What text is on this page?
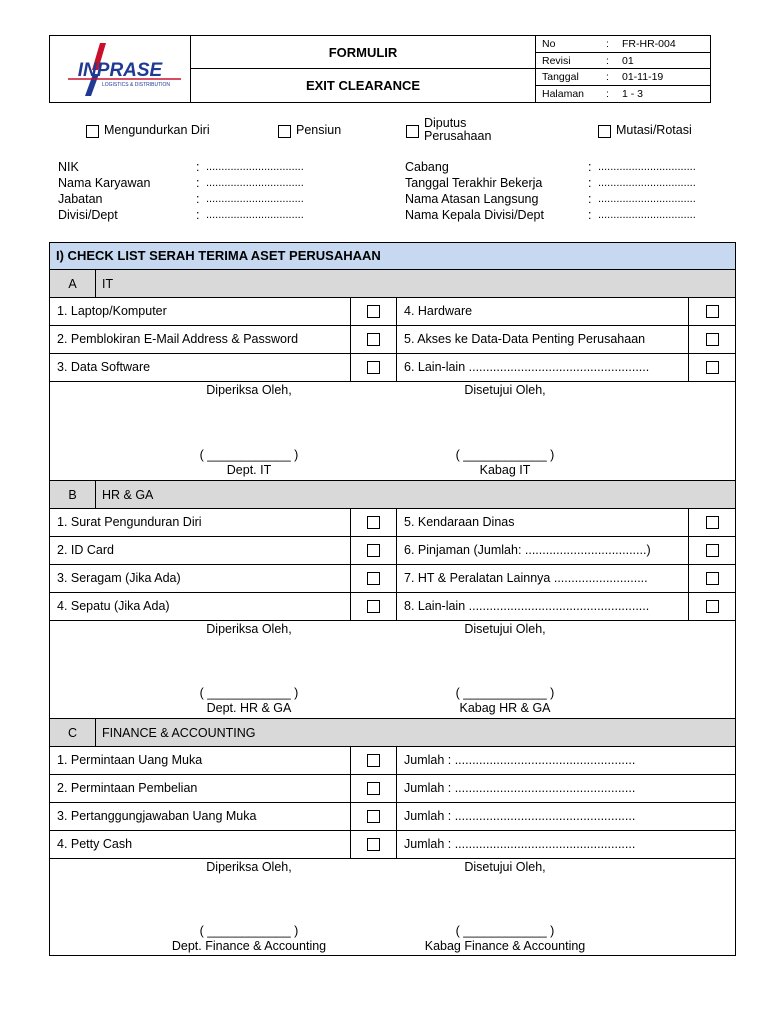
INPRASE
LOGISTICS & DISTRIBUTION
FORMULIR
EXIT CLEARANCE
No	: FR-HR-004
Revisi	: 01
Tanggal	: 01-11-19
Halaman : 1 - 3
Mengundurkan Diri	Pensiun	Diputus
Perusahaan	Mutasi/Rotasi
NIK	: ................................
Nama Karyawan	: ................................
Jabatan	: ................................
Divisi/Dept	: ................................
Cabang	: ................................
Tanggal Terakhir Bekerja	: ................................
Nama Atasan Langsung	: ................................
Nama Kepala Divisi/Dept	: ................................
I) CHECK LIST SERAH TERIMA ASET PERUSAHAAN
A	IT
1. Laptop/Komputer	4. Hardware
2. Pemblokiran E-Mail Address & Password	5. Akses ke Data-Data Penting Perusahaan
3. Data Software	6. Lain-lain ....................................................
Diperiksa Oleh,	Disetujui Oleh,
( ____________ )	( ____________ )
Dept. IT	Kabag IT
B	HR & GA
1. Surat Pengunduran Diri	5. Kendaraan Dinas
2. ID Card	6. Pinjaman (Jumlah: ...................................)
3. Seragam (Jika Ada)	7. HT & Peralatan Lainnya ...........................
4. Sepatu (Jika Ada)	8. Lain-lain ....................................................
Diperiksa Oleh,	Disetujui Oleh,
( ____________ )	( ____________ )
Dept. HR & GA	Kabag HR & GA
C	FINANCE & ACCOUNTING
1. Permintaan Uang Muka	Jumlah : ....................................................
2. Permintaan Pembelian	Jumlah : ....................................................
3. Pertanggungjawaban Uang Muka	Jumlah : ....................................................
4. Petty Cash	Jumlah : ....................................................
Diperiksa Oleh,	Disetujui Oleh,
( ____________ )	( ____________ )
Dept. Finance & Accounting	Kabag Finance & Accounting
